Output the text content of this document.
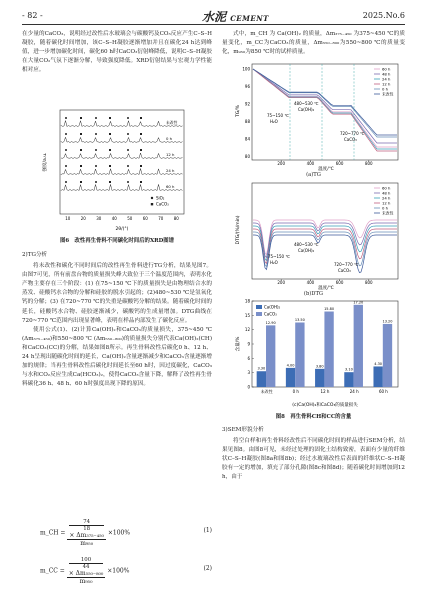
- 82 -	水泥 CEMENT	2025.No.6

在少量的CaCO₃，说明经过改性后水玻璃会与碳酸钙及CO₃反应产生C–S–H凝胶，随着碳化时间增加，该C–S–H凝胶逐渐增加并且在碳化24 h达到峰值，进一步增加碳化时间，碳化60 h时CaCO₃衍射峰降低，说明C–S–H凝胶在大量CO₂气氛下逐渐分解，导致强度降低。XRD衍射结果与宏观力学性能相对应。

强度/a.u.
2θ/(°)
10	20	30	40	50	60	70	80
未改性
0 h
12 h
24 h
60 h
SiO₂
CaCO₃
图6　改性再生骨料不同碳化时间后的XRD图谱

2)TG分析

将未改性和碳化不同时间后的改性再生骨料进行TG分析，结果见图7。由图7可见，所有前盘台物的质量损失峰大致位于三个温度范围内，表明水化产物主要存在三个阶段：(1) 在75~150 ℃下的质量损失是由物理结合水的蒸发、硅酸钙水合物的分解和硅胶的脱水引起的；(2)480~530 ℃是氢氧化钙的分解；(3) 在720~770 ℃的失重是碳酸钙分解的结果。随着碳化时间的延长，硅酸钙水合物、硅胶逐渐减少，碳酸钙的生成量增加。DTG曲线在720~770 ℃范围内出现显著峰，表明在样品内部发生了碳化反应。

使用公式(1)、(2)计算Ca(OH)₂和CaCO₃的质量损失，375~450 ℃ (Δm₃₇₅₋₄₅₀)和550~800 ℃ (Δm₅₅₀₋₈₀₀)的质量损失分别代表Ca(OH)₂(CH)和CaCO₃(CC)的分解，结果如图8所示。再生骨料改性后碳化0 h、12 h、24 h呈现出随碳化时间的延长，Ca(OH)₂含量逐渐减少和CaCO₃含量逐渐增加的规律；当再生骨料改性后碳化时间延长至60 h时，因过度碳化，CaCO₃与水和CO₂反应生成Ca(HCO₃)₂，使得CaCO₃含量下降，解释了改性再生骨料碳化36 h、48 h、60 h时强度出现下降的原因。

m_CH = 74
18
× Δm₃₇₅₋₄₅₀
m₉₅₀ ×100%	(1)
m_CC = 100
44
× Δm₅₅₀₋₈₀₀
m₉₅₀ ×100%	(2)

式中，m_CH 为 Ca(OH)₂ 的质量，Δm₃₇₅₋₄₅₀ 为375~450 ℃的质量变化，m_CC为CaCO₃的质量，Δm₅₅₀₋₈₀₀为550~800 ℃的质量变化，m₉₅₀为850 ℃时的试样质量。

TG/%
100
96
92
88
84
80
200	400	600	800
温度/℃
75~150 ℃
H₂O
480~530 ℃
Ca(OH)₂
720~770 ℃
CaCO₃
60 h
48 h
24 h
12 h
0 h
未改性
(a)TG
DTG/(%/min)
200	400	600	800
温度/℃
75~150 ℃
H₂O
480~530 ℃
Ca(OH)₂
720~770 ℃
CaCO₃
60 h
48 h
24 h
12 h
0 h
未改性
(b)DTG
含量/%
0
3
6
9
12
15
18
3.30
12.90
4.00
13.50
3.80
15.80
3.10
17.20
4.30
13.20
未改性	0 h	12 h	24 h	60 h
Ca(OH)₂
CaCO₃
(c)Ca(OH)₂和CaCO₃的质量损失
图8　再生骨料CH和CC的含量

3)SEM形貌分析

将空白样和再生骨料经改性后不同碳化时间的样品进行SEM分析，结果见图8。由图8可见，未经过处理的固化土结构致密，表面有少量的纤维状C–S–H凝胶(图8a和图8b)；经过水玻璃改性后表面的纤维状C–S–H凝胶有一定的增加，填充了部分孔隙(图8c和图8d)；随着碳化时间增加到12 h，由于
